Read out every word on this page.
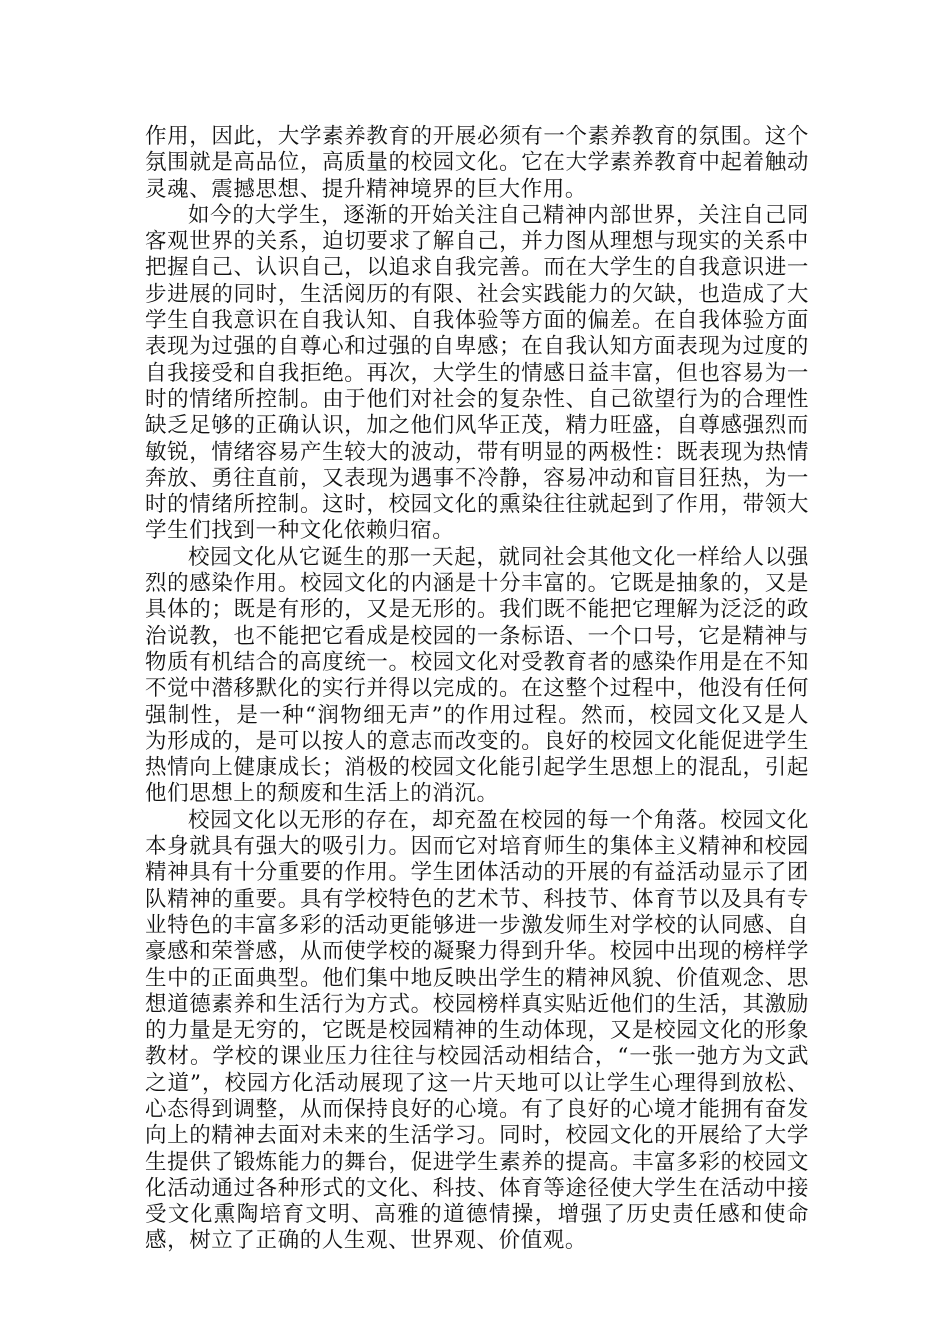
作用，因此，大学素养教育的开展必须有一个素养教育的氛围。这个氛围就是高品位，高质量的校园文化。它在大学素养教育中起着触动灵魂、震撼思想、提升精神境界的巨大作用。

如今的大学生，逐渐的开始关注自己精神内部世界，关注自己同客观世界的关系，迫切要求了解自己，并力图从理想与现实的关系中把握自己、认识自己，以追求自我完善。而在大学生的自我意识进一步进展的同时，生活阅历的有限、社会实践能力的欠缺，也造成了大学生自我意识在自我认知、自我体验等方面的偏差。在自我体验方面表现为过强的自尊心和过强的自卑感；在自我认知方面表现为过度的自我接受和自我拒绝。再次，大学生的情感日益丰富，但也容易为一时的情绪所控制。由于他们对社会的复杂性、自己欲望行为的合理性缺乏足够的正确认识，加之他们风华正茂，精力旺盛，自尊感强烈而敏锐，情绪容易产生较大的波动，带有明显的两极性：既表现为热情奔放、勇往直前，又表现为遇事不冷静，容易冲动和盲目狂热，为一时的情绪所控制。这时，校园文化的熏染往往就起到了作用，带领大学生们找到一种文化依赖归宿。

校园文化从它诞生的那一天起，就同社会其他文化一样给人以强烈的感染作用。校园文化的内涵是十分丰富的。它既是抽象的，又是具体的；既是有形的，又是无形的。我们既不能把它理解为泛泛的政治说教，也不能把它看成是校园的一条标语、一个口号，它是精神与物质有机结合的高度统一。校园文化对受教育者的感染作用是在不知不觉中潜移默化的实行并得以完成的。在这整个过程中，他没有任何强制性，是一种“润物细无声”的作用过程。然而，校园文化又是人为形成的，是可以按人的意志而改变的。良好的校园文化能促进学生热情向上健康成长；消极的校园文化能引起学生思想上的混乱，引起他们思想上的颓废和生活上的消沉。

校园文化以无形的存在，却充盈在校园的每一个角落。校园文化本身就具有强大的吸引力。因而它对培育师生的集体主义精神和校园精神具有十分重要的作用。学生团体活动的开展的有益活动显示了团队精神的重要。具有学校特色的艺术节、科技节、体育节以及具有专业特色的丰富多彩的活动更能够进一步激发师生对学校的认同感、自豪感和荣誉感，从而使学校的凝聚力得到升华。校园中出现的榜样学生中的正面典型。他们集中地反映出学生的精神风貌、价值观念、思想道德素养和生活行为方式。校园榜样真实贴近他们的生活，其激励的力量是无穷的，它既是校园精神的生动体现，又是校园文化的形象教材。学校的课业压力往往与校园活动相结合，“一张一弛方为文武之道”，校园方化活动展现了这一片天地可以让学生心理得到放松、心态得到调整，从而保持良好的心境。有了良好的心境才能拥有奋发向上的精神去面对未来的生活学习。同时，校园文化的开展给了大学生提供了锻炼能力的舞台，促进学生素养的提高。丰富多彩的校园文化活动通过各种形式的文化、科技、体育等途径使大学生在活动中接受文化熏陶培育文明、高雅的道德情操，增强了历史责任感和使命感，树立了正确的人生观、世界观、价值观。
